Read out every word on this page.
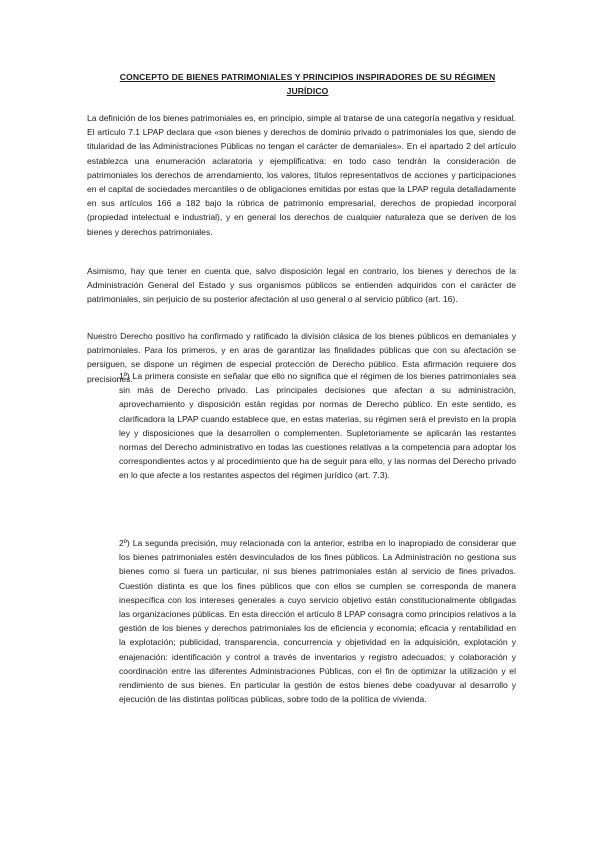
CONCEPTO DE BIENES PATRIMONIALES Y PRINCIPIOS INSPIRADORES DE SU RÉGIMEN JURÍDICO

La definición de los bienes patrimoniales es, en principio, simple al tratarse de una categoría negativa y residual. El artículo 7.1 LPAP declara que «son bienes y derechos de dominio privado o patrimoniales los que, siendo de titularidad de las Administraciones Públicas no tengan el carácter de demaniales». En el apartado 2 del artículo establezca una enumeración aclaratoria y ejemplificativa: en todo caso tendrán la consideración de patrimoniales los derechos de arrendamiento, los valores, títulos representativos de acciones y participaciones en el capital de sociedades mercantiles o de obligaciones emitidas por estas que la LPAP regula detalladamente en sus artículos 166 a 182 bajo la rúbrica de patrimonio empresarial, derechos de propiedad incorporal (propiedad intelectual e industrial), y en general los derechos de cualquier naturaleza que se deriven de los bienes y derechos patrimoniales.

Asimismo, hay que tener en cuenta que, salvo disposición legal en contrario, los bienes y derechos de la Administración General del Estado y sus organismos públicos se entienden adquiridos con el carácter de patrimoniales, sin perjuicio de su posterior afectación al uso general o al servicio público (art. 16).

Nuestro Derecho positivo ha confirmado y ratificado la división clásica de los bienes públicos en demaniales y patrimoniales. Para los primeros, y en aras de garantizar las finalidades públicas que con su afectación se persiguen, se dispone un régimen de especial protección de Derecho público. Esta afirmación requiere dos precisiones.

1º) La primera consiste en señalar que ello no significa que el régimen de los bienes patrimoniales sea sin más de Derecho privado. Las principales decisiones que afectan a su administración, aprovechamiento y disposición están regidas por normas de Derecho público. En este sentido, es clarificadora la LPAP cuando establece que, en estas materias, su régimen será el previsto en la propia ley y disposiciones que la desarrollen o complementen. Supletoriamente se aplicarán las restantes normas del Derecho administrativo en todas las cuestiones relativas a la competencia para adoptar los correspondientes actos y al procedimiento que ha de seguir para ello, y las normas del Derecho privado en lo que afecte a los restantes aspectos del régimen jurídico (art. 7.3).

2º) La segunda precisión, muy relacionada con la anterior, estriba en lo inapropiado de considerar que los bienes patrimoniales estén desvinculados de los fines públicos. La Administración no gestiona sus bienes como si fuera un particular, ni sus bienes patrimoniales están al servicio de fines privados. Cuestión distinta es que los fines públicos que con ellos se cumplen se corresponda de manera inespecífica con los intereses generales a cuyo servicio objetivo están constitucionalmente obligadas las organizaciones públicas. En esta dirección el artículo 8 LPAP consagra como principios relativos a la gestión de los bienes y derechos patrimoniales los de eficiencia y economía; eficacia y rentabilidad en la explotación; publicidad, transparencia, concurrencia y objetividad en la adquisición, explotación y enajenación: identificación y control a través de inventarios y registro adecuados; y colaboración y coordinación entre las diferentes Administraciones Públicas, con el fin de optimizar la utilización y el rendimiento de sus bienes. En particular la gestión de estos bienes debe coadyuvar al desarrollo y ejecución de las distintas políticas públicas, sobre todo de la política de vivienda.
